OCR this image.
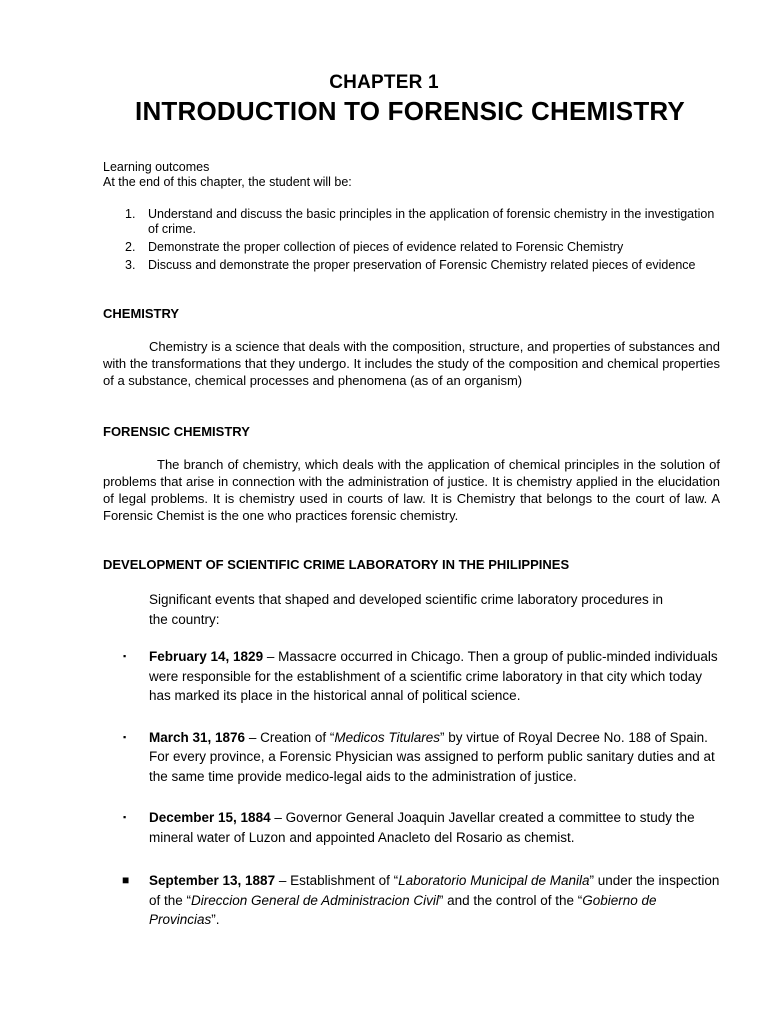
CHAPTER 1
INTRODUCTION TO FORENSIC CHEMISTRY
Learning outcomes
At the end of this chapter, the student will be:
1. Understand and discuss the basic principles in the application of forensic chemistry in the investigation of crime.
2. Demonstrate the proper collection of pieces of evidence related to Forensic Chemistry
3. Discuss and demonstrate the proper preservation of Forensic Chemistry related pieces of evidence
CHEMISTRY

Chemistry is a science that deals with the composition, structure, and properties of substances and with the transformations that they undergo. It includes the study of the composition and chemical properties of a substance, chemical processes and phenomena (as of an organism)

FORENSIC CHEMISTRY

The branch of chemistry, which deals with the application of chemical principles in the solution of problems that arise in connection with the administration of justice. It is chemistry applied in the elucidation of legal problems. It is chemistry used in courts of law. It is Chemistry that belongs to the court of law. A Forensic Chemist is the one who practices forensic chemistry.

DEVELOPMENT OF SCIENTIFIC CRIME LABORATORY IN THE PHILIPPINES

Significant events that shaped and developed scientific crime laboratory procedures in the country:

▪ February 14, 1829 – Massacre occurred in Chicago. Then a group of public-minded individuals were responsible for the establishment of a scientific crime laboratory in that city which today has marked its place in the historical annal of political science.
▪ March 31, 1876 – Creation of “Medicos Titulares” by virtue of Royal Decree No. 188 of Spain. For every province, a Forensic Physician was assigned to perform public sanitary duties and at the same time provide medico-legal aids to the administration of justice.
▪ December 15, 1884 – Governor General Joaquin Javellar created a committee to study the mineral water of Luzon and appointed Anacleto del Rosario as chemist.
■ September 13, 1887 – Establishment of “Laboratorio Municipal de Manila” under the inspection of the “Direccion General de Administracion Civil” and the control of the “Gobierno de Provincias”.
